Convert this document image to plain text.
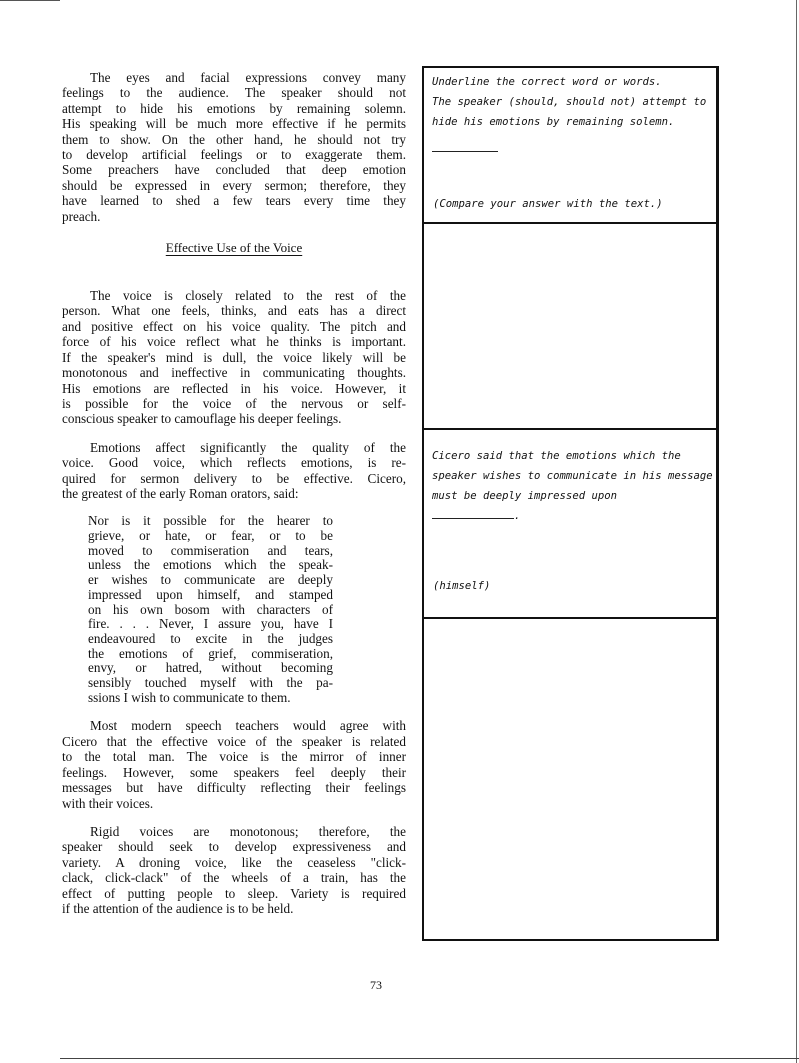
The eyes and facial expressions convey many
feelings to the audience. The speaker should not
attempt to hide his emotions by remaining solemn.
His speaking will be much more effective if he permits
them to show. On the other hand, he should not try
to develop artificial feelings or to exaggerate them.
Some preachers have concluded that deep emotion
should be expressed in every sermon; therefore, they
have learned to shed a few tears every time they
preach.
Effective Use of the Voice
The voice is closely related to the rest of the
person. What one feels, thinks, and eats has a direct
and positive effect on his voice quality. The pitch and
force of his voice reflect what he thinks is important.
If the speaker's mind is dull, the voice likely will be
monotonous and ineffective in communicating thoughts.
His emotions are reflected in his voice. However, it
is possible for the voice of the nervous or self-
conscious speaker to camouflage his deeper feelings.
Emotions affect significantly the quality of the
voice. Good voice, which reflects emotions, is re-
quired for sermon delivery to be effective. Cicero,
the greatest of the early Roman orators, said:
Nor is it possible for the hearer to
grieve, or hate, or fear, or to be
moved to commiseration and tears,
unless the emotions which the speak-
er wishes to communicate are deeply
impressed upon himself, and stamped
on his own bosom with characters of
fire. . . . Never, I assure you, have I
endeavoured to excite in the judges
the emotions of grief, commiseration,
envy, or hatred, without becoming
sensibly touched myself with the pa-
ssions I wish to communicate to them.
Most modern speech teachers would agree with
Cicero that the effective voice of the speaker is related
to the total man. The voice is the mirror of inner
feelings. However, some speakers feel deeply their
messages but have difficulty reflecting their feelings
with their voices.
Rigid voices are monotonous; therefore, the
speaker should seek to develop expressiveness and
variety. A droning voice, like the ceaseless "click-
clack, click-clack" of the wheels of a train, has the
effect of putting people to sleep. Variety is required
if the attention of the audience is to be held.
Underline the correct word or words.
The speaker (should, should not) attempt to
hide his emotions by remaining solemn.
(Compare your answer with the text.)
Cicero said that the emotions which the
speaker wishes to communicate in his message
must be deeply impressed upon .
(himself)
73
